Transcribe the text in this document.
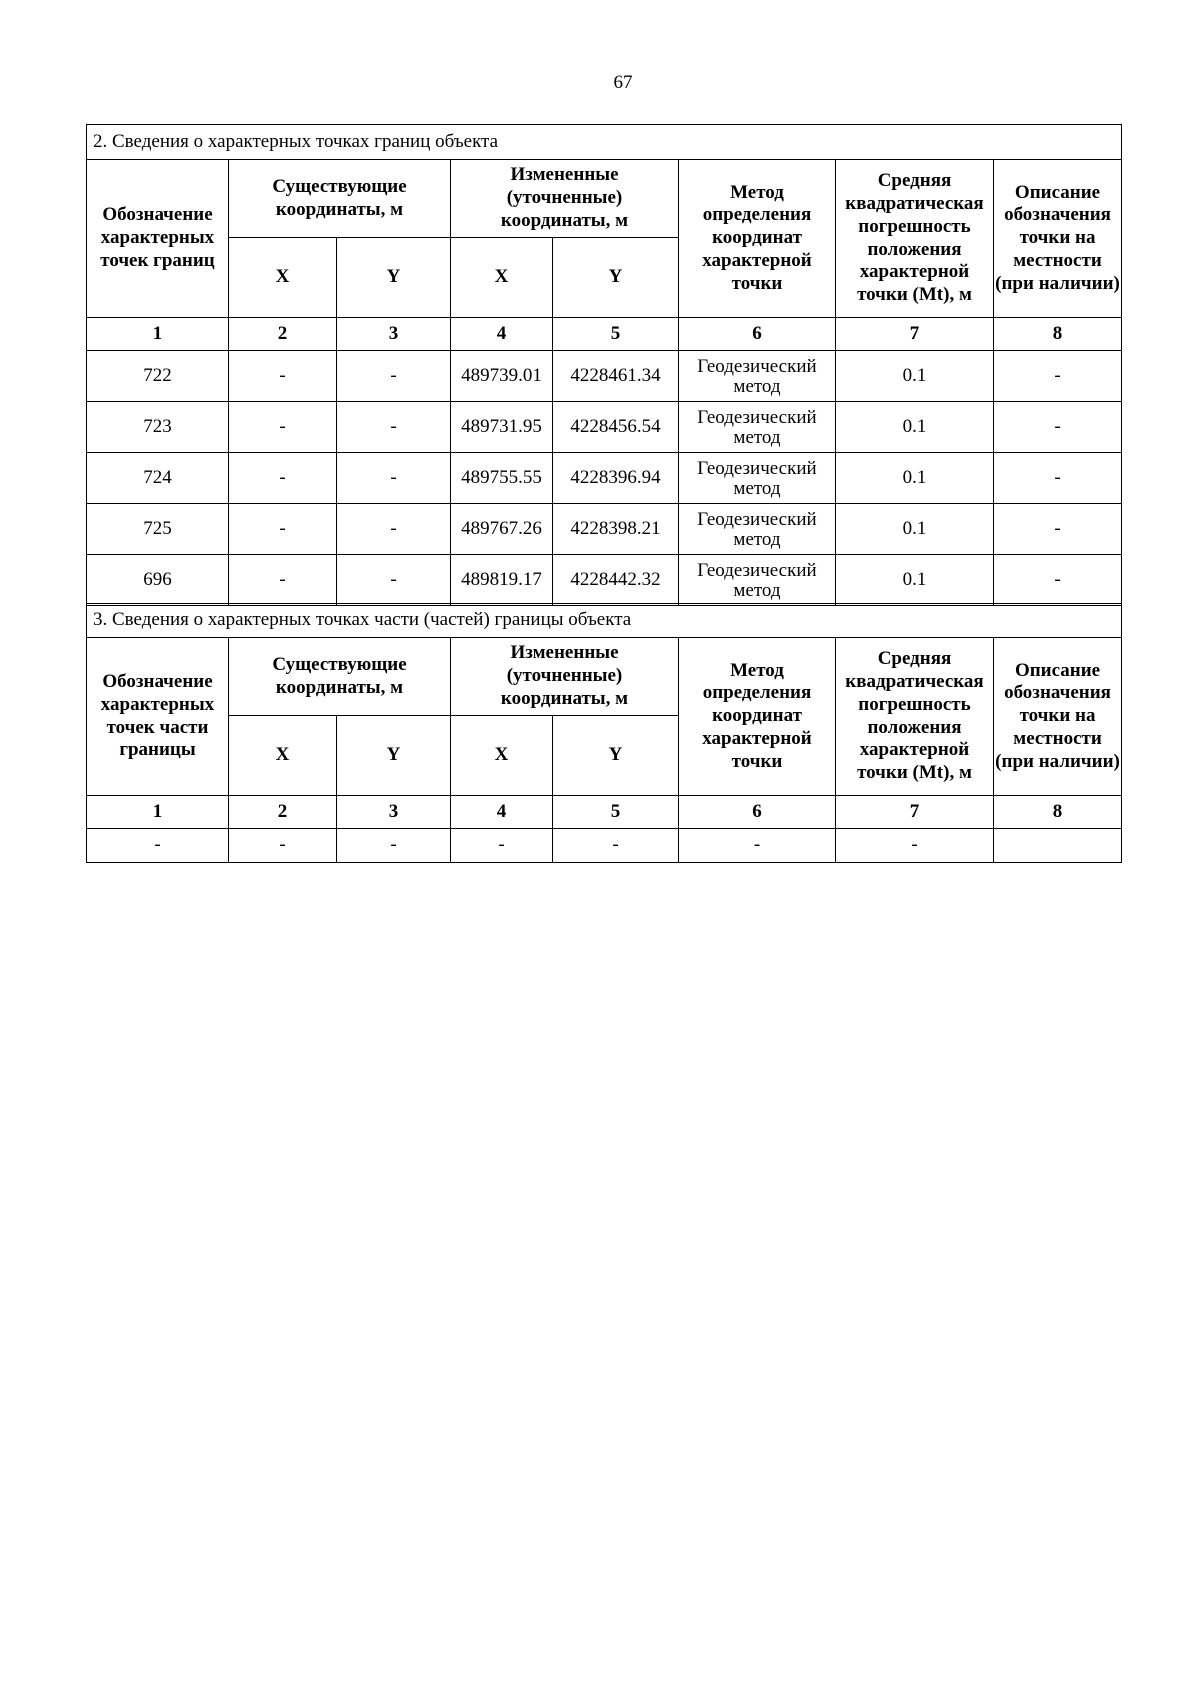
67
2. Сведения о характерных точках границ объекта							
Обозначение характерных точек границ	Существующие координаты, м		Измененные (уточненные) координаты, м		Метод определения координат характерной точки	Средняя квадратическая погрешность положения характерной точки (Mt), м	Описание обозначения точки на местности (при наличии)
	X	Y	X	Y			
1	2	3	4	5	6	7	8
722	-	-	489739.01	4228461.34	Геодезический метод	0.1	-
723	-	-	489731.95	4228456.54	Геодезический метод	0.1	-
724	-	-	489755.55	4228396.94	Геодезический метод	0.1	-
725	-	-	489767.26	4228398.21	Геодезический метод	0.1	-
696	-	-	489819.17	4228442.32	Геодезический метод	0.1	-
3. Сведения о характерных точках части (частей) границы объекта							
Обозначение характерных точек части границы	Существующие координаты, м		Измененные (уточненные) координаты, м		Метод определения координат характерной точки	Средняя квадратическая погрешность положения характерной точки (Mt), м	Описание обозначения точки на местности (при наличии)
	X	Y	X	Y			
1	2	3	4	5	6	7	8
-	-	-	-	-	-	-	
